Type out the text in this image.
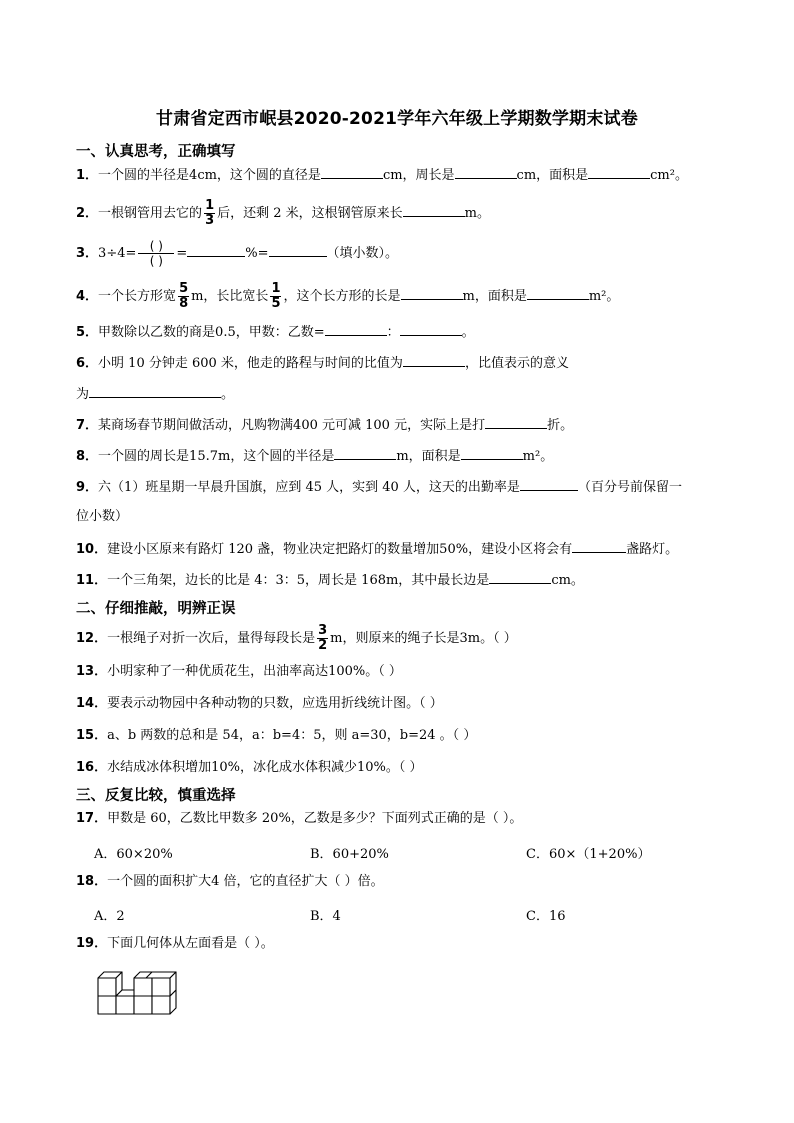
甘肃省定西市岷县2020-2021学年六年级上学期数学期末试卷
一、认真思考，正确填写
1．一个圆的半径是4cm，这个圆的直径是	cm，周长是	cm，面积是	cm²。
2．一根钢管用去它的 $\frac{1}{3}$ 后，还剩 2 米，这根钢管原来长	m。
3．$3\div 4= \frac{( )}{( )}$ =	%=	（填小数）。
4．一个长方形宽 $\frac{5}{8}$ m，长比宽长 $\frac{1}{5}$ ，这个长方形的长是	m，面积是	m²。
5．甲数除以乙数的商是0.5，甲数：乙数=	：	。
6．小明 10 分钟走 600 米，他走的路程与时间的比值为	，比值表示的意义
为	。
7．某商场春节期间做活动，凡购物满400 元可减 100 元，实际上是打	折。
8．一个圆的周长是15.7m，这个圆的半径是	m，面积是	m²。
9．六（1）班星期一早晨升国旗，应到 45 人，实到 40 人，这天的出勤率是	（百分号前保留一
位小数）
10．建设小区原来有路灯 120 盏，物业决定把路灯的数量增加50%，建设小区将会有	盏路灯。
11．一个三角架，边长的比是 4：3：5，周长是 168m，其中最长边是	cm。
二、仔细推敲，明辨正误
12．一根绳子对折一次后，量得每段长是 $\frac{3}{2}$ m，则原来的绳子长是3m。（ ）
13．小明家种了一种优质花生，出油率高达100%。（ ）
14．要表示动物园中各种动物的只数，应选用折线统计图。（ ）
15．a、b 两数的总和是 54，a：b=4：5，则 a=30，b=24 。（ ）
16．水结成冰体积增加10%，冰化成水体积减少10%。（ ）
三、反复比较，慎重选择
17．甲数是 60，乙数比甲数多 20%，乙数是多少？下面列式正确的是（ ）。
A．60×20%	B．60+20%	C．60×（1+20%）
18．一个圆的面积扩大4 倍，它的直径扩大（ ）倍。
A．2	B．4	C．16
19．下面几何体从左面看是（ ）。
